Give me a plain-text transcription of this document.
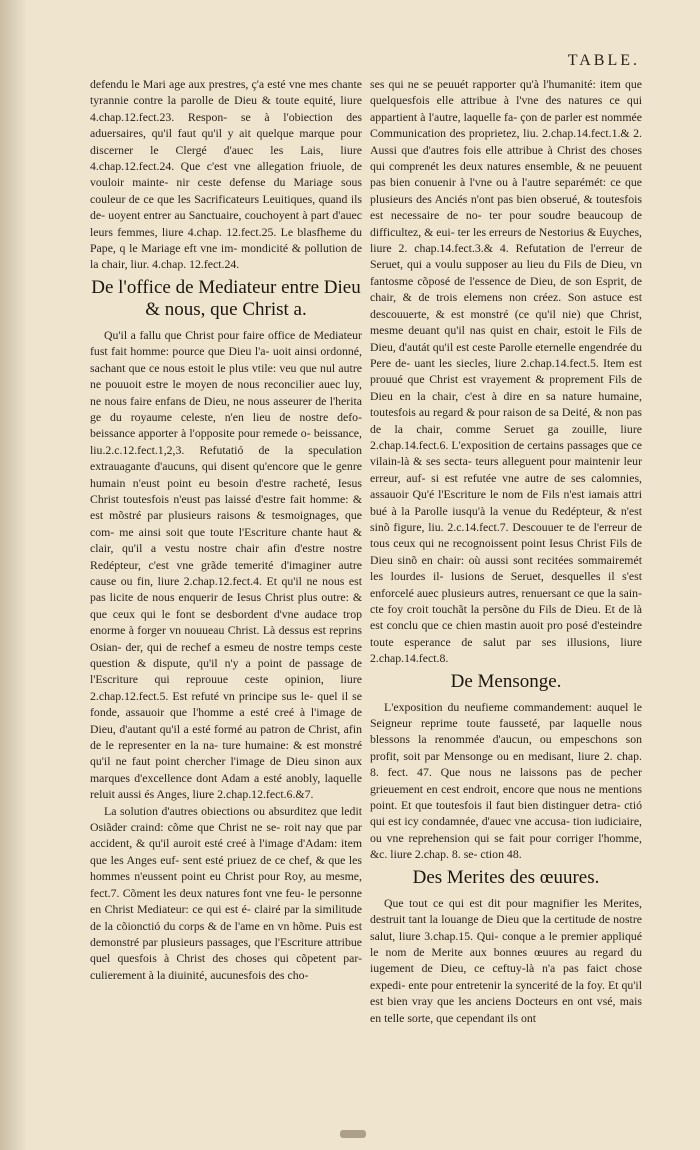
TABLE.

defendu le Mari age aux prestres, ç'a esté vne mes chante tyrannie contre la parolle de Dieu & toute equité, liure 4.chap.12.fect.23. Respon- se à l'obiection des aduersaires, qu'il faut qu'il y ait quelque marque pour discerner le Clergé d'auec les Lais, liure 4.chap.12.fect.24. Que c'est vne allegation friuole, de vouloir mainte- nir ceste defense du Mariage sous couleur de ce que les Sacrificateurs Leuitiques, quand ils de- uoyent entrer au Sanctuaire, couchoyent à part d'auec leurs femmes, liure 4.chap. 12.fect.25. Le blasfheme du Pape, q le Mariage eft vne im- mondicité & pollution de la chair, liur. 4.chap. 12.fect.24.

De l'office de Mediateur entre Dieu & nous, que Christ a.

Qu'il a fallu que Christ pour faire office de Mediateur fust fait homme: pource que Dieu l'a- uoit ainsi ordonné, sachant que ce nous estoit le plus vtile: veu que nul autre ne pouuoit estre le moyen de nous reconcilier auec luy, ne nous faire enfans de Dieu, ne nous asseurer de l'herita ge du royaume celeste, n'en lieu de nostre defo- beissance apporter à l'opposite pour remede o- beissance, liu.2.c.12.fect.1,2,3. Refutatió de la speculation extrauagante d'aucuns, qui disent qu'encore que le genre humain n'eust point eu besoin d'estre racheté, Iesus Christ toutesfois n'eust pas laissé d'estre fait homme: & est mõstré par plusieurs raisons & tesmoignages, que com- me ainsi soit que toute l'Escriture chante haut & clair, qu'il a vestu nostre chair afin d'estre nostre Redépteur, c'est vne grãde temerité d'imaginer autre cause ou fin, liure 2.chap.12.fect.4. Et qu'il ne nous est pas licite de nous enquerir de Iesus Christ plus outre: & que ceux qui le font se desbordent d'vne audace trop enorme à forger vn nouueau Christ. Là dessus est reprins Osian- der, qui de rechef a esmeu de nostre temps ceste question & dispute, qu'il n'y a point de passage de l'Escriture qui reprouue ceste opinion, liure 2.chap.12.fect.5. Est refuté vn principe sus le- quel il se fonde, assauoir que l'homme a esté creé à l'image de Dieu, d'autant qu'il a esté formé au patron de Christ, afin de le representer en la na- ture humaine: & est monstré qu'il ne faut point chercher l'image de Dieu sinon aux marques d'excellence dont Adam a esté anobly, laquelle reluit aussi és Anges, liure 2.chap.12.fect.6.&7.

La solution d'autres obiections ou absurditez que ledit Osiãder craind: cõme que Christ ne se- roit nay que par accident, & qu'il auroit esté creé à l'image d'Adam: item que les Anges euf- sent esté priuez de ce chef, & que les hommes n'eussent point eu Christ pour Roy, au mesme, fect.7. Cõment les deux natures font vne feu- le personne en Christ Mediateur: ce qui est é- clairé par la similitude de la cõionctió du corps & de l'ame en vn hõme. Puis est demonstré par plusieurs passages, que l'Escriture attribue quel quesfois à Christ des choses qui cõpetent par- culierement à la diuinité, aucunesfois des cho-

ses qui ne se peuuét rapporter qu'à l'humanité: item que quelquesfois elle attribue à l'vne des natures ce qui appartient à l'autre, laquelle fa- çon de parler est nommée Communication des proprietez, liu. 2.chap.14.fect.1.& 2. Aussi que d'autres fois elle attribue à Christ des choses qui comprenét les deux natures ensemble, & ne peuuent pas bien conuenir à l'vne ou à l'autre separémét: ce que plusieurs des Anciés n'ont pas bien obserué, & toutesfois est necessaire de no- ter pour soudre beaucoup de difficultez, & eui- ter les erreurs de Nestorius & Euyches, liure 2. chap.14.fect.3.& 4. Refutation de l'erreur de Seruet, qui a voulu supposer au lieu du Fils de Dieu, vn fantosme cõposé de l'essence de Dieu, de son Esprit, de chair, & de trois elemens non créez. Son astuce est descouuerte, & est monstré (ce qu'il nie) que Christ, mesme deuant qu'il nas quist en chair, estoit le Fils de Dieu, d'autát qu'il est ceste Parolle eternelle engendrée du Pere de- uant les siecles, liure 2.chap.14.fect.5. Item est prouué que Christ est vrayement & proprement Fils de Dieu en la chair, c'est à dire en sa nature humaine, toutesfois au regard & pour raison de sa Deité, & non pas de la chair, comme Seruet ga zouille, liure 2.chap.14.fect.6. L'exposition de certains passages que ce vilain-là & ses secta- teurs alleguent pour maintenir leur erreur, auf- si est refutée vne autre de ses calomnies, assauoir Qu'é l'Escriture le nom de Fils n'est iamais attri bué à la Parolle iusqu'à la venue du Redépteur, & n'est sinõ figure, liu. 2.c.14.fect.7. Descouuer te de l'erreur de tous ceux qui ne recognoissent point Iesus Christ Fils de Dieu sinõ en chair: où aussi sont recitées sommairemét les lourdes il- lusions de Seruet, desquelles il s'est enforcelé auec plusieurs autres, renuersant ce que la sain- cte foy croit touchãt la persõne du Fils de Dieu. Et de là est conclu que ce chien mastin auoit pro posé d'esteindre toute esperance de salut par ses illusions, liure 2.chap.14.fect.8.

De Mensonge.

L'exposition du neufieme commandement: auquel le Seigneur reprime toute fausseté, par laquelle nous blessons la renommée d'aucun, ou empeschons son profit, soit par Mensonge ou en medisant, liure 2. chap. 8. fect. 47. Que nous ne laissons pas de pecher grieuement en cest endroit, encore que nous ne mentions point. Et que toutesfois il faut bien distinguer detra- ctió qui est icy condamnée, d'auec vne accusa- tion iudiciaire, ou vne reprehension qui se fait pour corriger l'homme, &c. liure 2.chap. 8. se- ction 48.

Des Merites des œuures.

Que tout ce qui est dit pour magnifier les Merites, destruit tant la louange de Dieu que la certitude de nostre salut, liure 3.chap.15. Qui- conque a le premier appliqué le nom de Merite aux bonnes œuures au regard du iugement de Dieu, ce ceftuy-là n'a pas faict chose expedi- ente pour entretenir la syncerité de la foy. Et qu'il est bien vray que les anciens Docteurs en ont vsé, mais en telle sorte, que cependant ils ont
